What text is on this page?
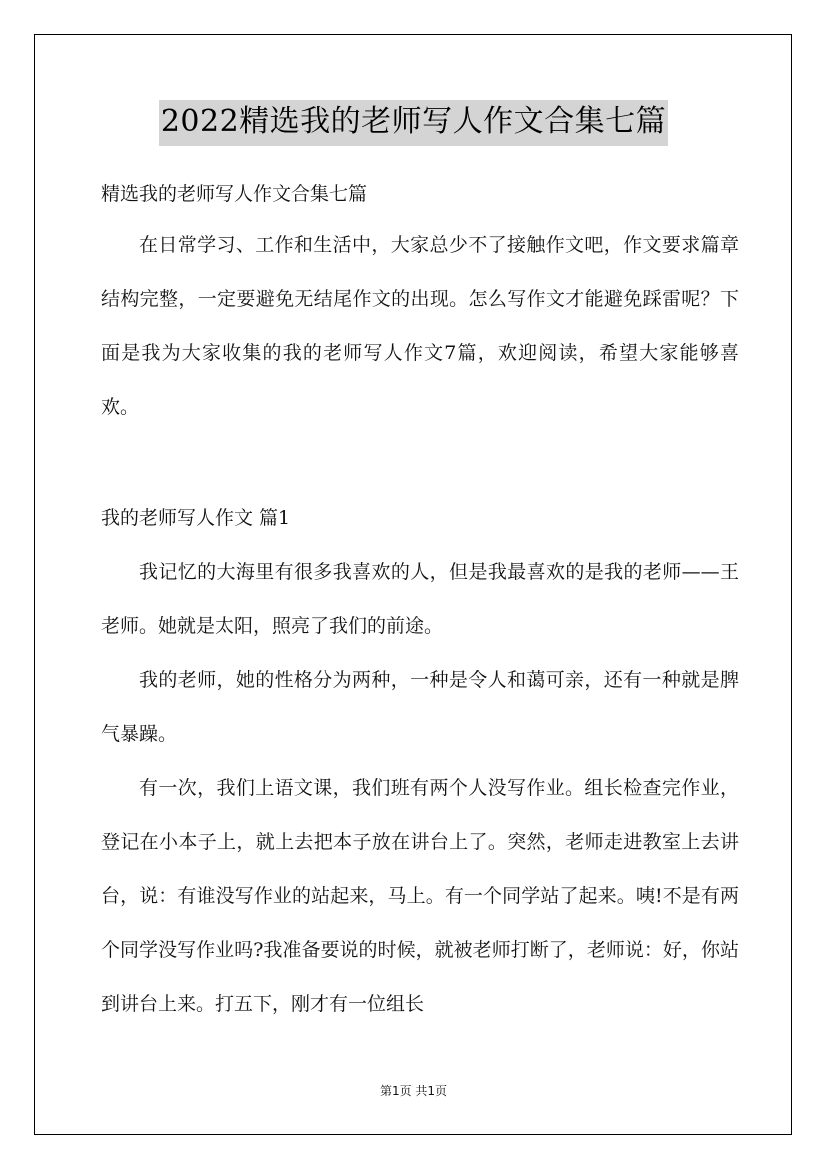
2022精选我的老师写人作文合集七篇
精选我的老师写人作文合集七篇
在日常学习、工作和生活中，大家总少不了接触作文吧，作文要求篇章结构完整，一定要避免无结尾作文的出现。怎么写作文才能避免踩雷呢？下面是我为大家收集的我的老师写人作文7篇，欢迎阅读，希望大家能够喜欢。
我的老师写人作文 篇1
我记忆的大海里有很多我喜欢的人，但是我最喜欢的是我的老师——王老师。她就是太阳，照亮了我们的前途。
我的老师，她的性格分为两种，一种是令人和蔼可亲，还有一种就是脾气暴躁。
有一次，我们上语文课，我们班有两个人没写作业。组长检查完作业，登记在小本子上，就上去把本子放在讲台上了。突然，老师走进教室上去讲台，说：有谁没写作业的站起来，马上。有一个同学站了起来。咦!不是有两个同学没写作业吗?我准备要说的时候，就被老师打断了，老师说：好，你站到讲台上来。打五下，刚才有一位组长
第1页 共1页
